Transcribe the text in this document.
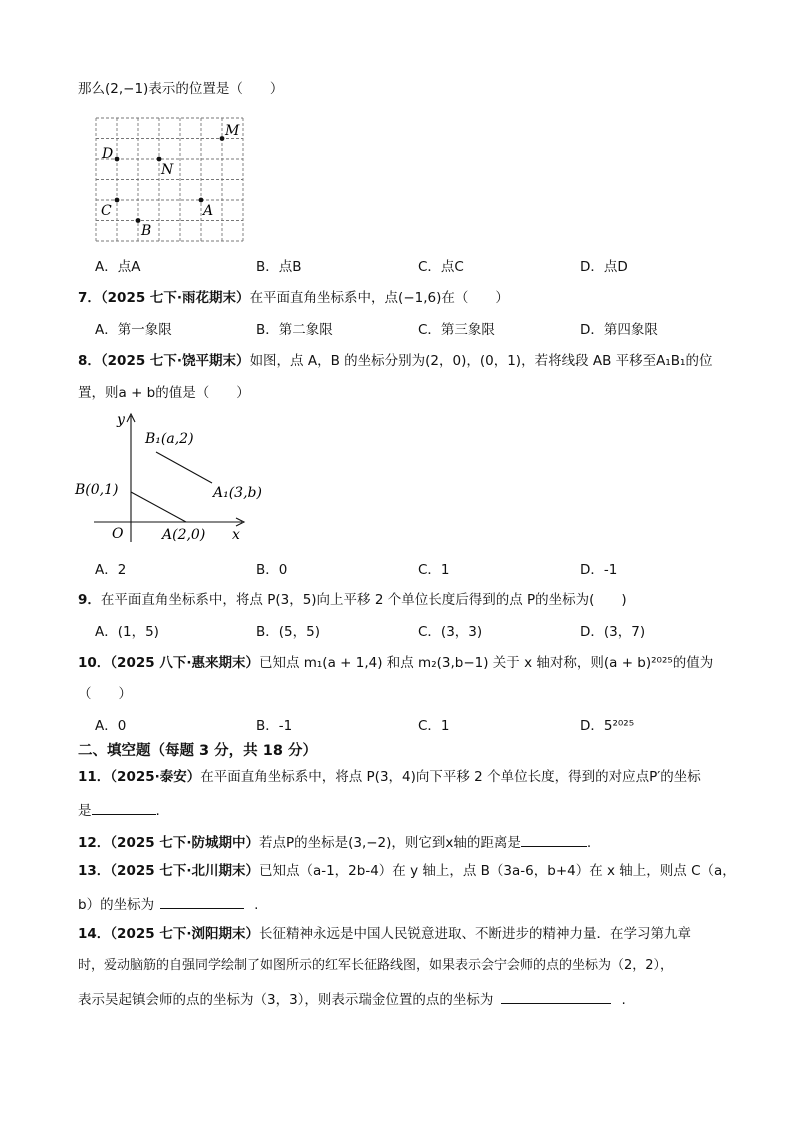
那么(2,−1)表示的位置是（　　）
M
D
N
C	A
B
A．点A	B．点B	C．点C	D．点D
7．（2025 七下·雨花期末）在平面直角坐标系中，点(−1,6)在（　　）
A．第一象限	B．第二象限	C．第三象限	D．第四象限
8．（2025 七下·饶平期末）如图，点 A，B 的坐标分别为(2，0)，(0，1)，若将线段 AB 平移至A₁B₁的位
置，则a + b的值是（　　）
y
x
O
B₁(a,2)
A₁(3,b)
B(0,1)
A(2,0)
A．2	B．0	C．1	D．-1
9．在平面直角坐标系中，将点 P(3，5)向上平移 2 个单位长度后得到的点 P的坐标为(　　)
A．(1，5)	B．(5，5)	C．(3，3)	D．(3，7)
10．（2025 八下·惠来期末）已知点 m₁(a + 1,4) 和点 m₂(3,b−1) 关于 x 轴对称，则(a + b)²⁰²⁵的值为
（　　）
A．0	B．-1	C．1	D．5²⁰²⁵
二、填空题（每题 3 分，共 18 分）
11．（2025·泰安）在平面直角坐标系中，将点 P(3，4)向下平移 2 个单位长度，得到的对应点P′的坐标
是	.
12．（2025 七下·防城期中）若点P的坐标是(3,−2)，则它到x轴的距离是	.
13．（2025 七下·北川期末）已知点（a-1，2b-4）在 y 轴上，点 B（3a-6，b+4）在 x 轴上，则点 C（a，
b）的坐标为	.
14．（2025 七下·浏阳期末）长征精神永远是中国人民锐意进取、不断进步的精神力量．在学习第九章
时，爱动脑筋的自强同学绘制了如图所示的红军长征路线图，如果表示会宁会师的点的坐标为（2，2），
表示吴起镇会师的点的坐标为（3，3），则表示瑞金位置的点的坐标为	.
